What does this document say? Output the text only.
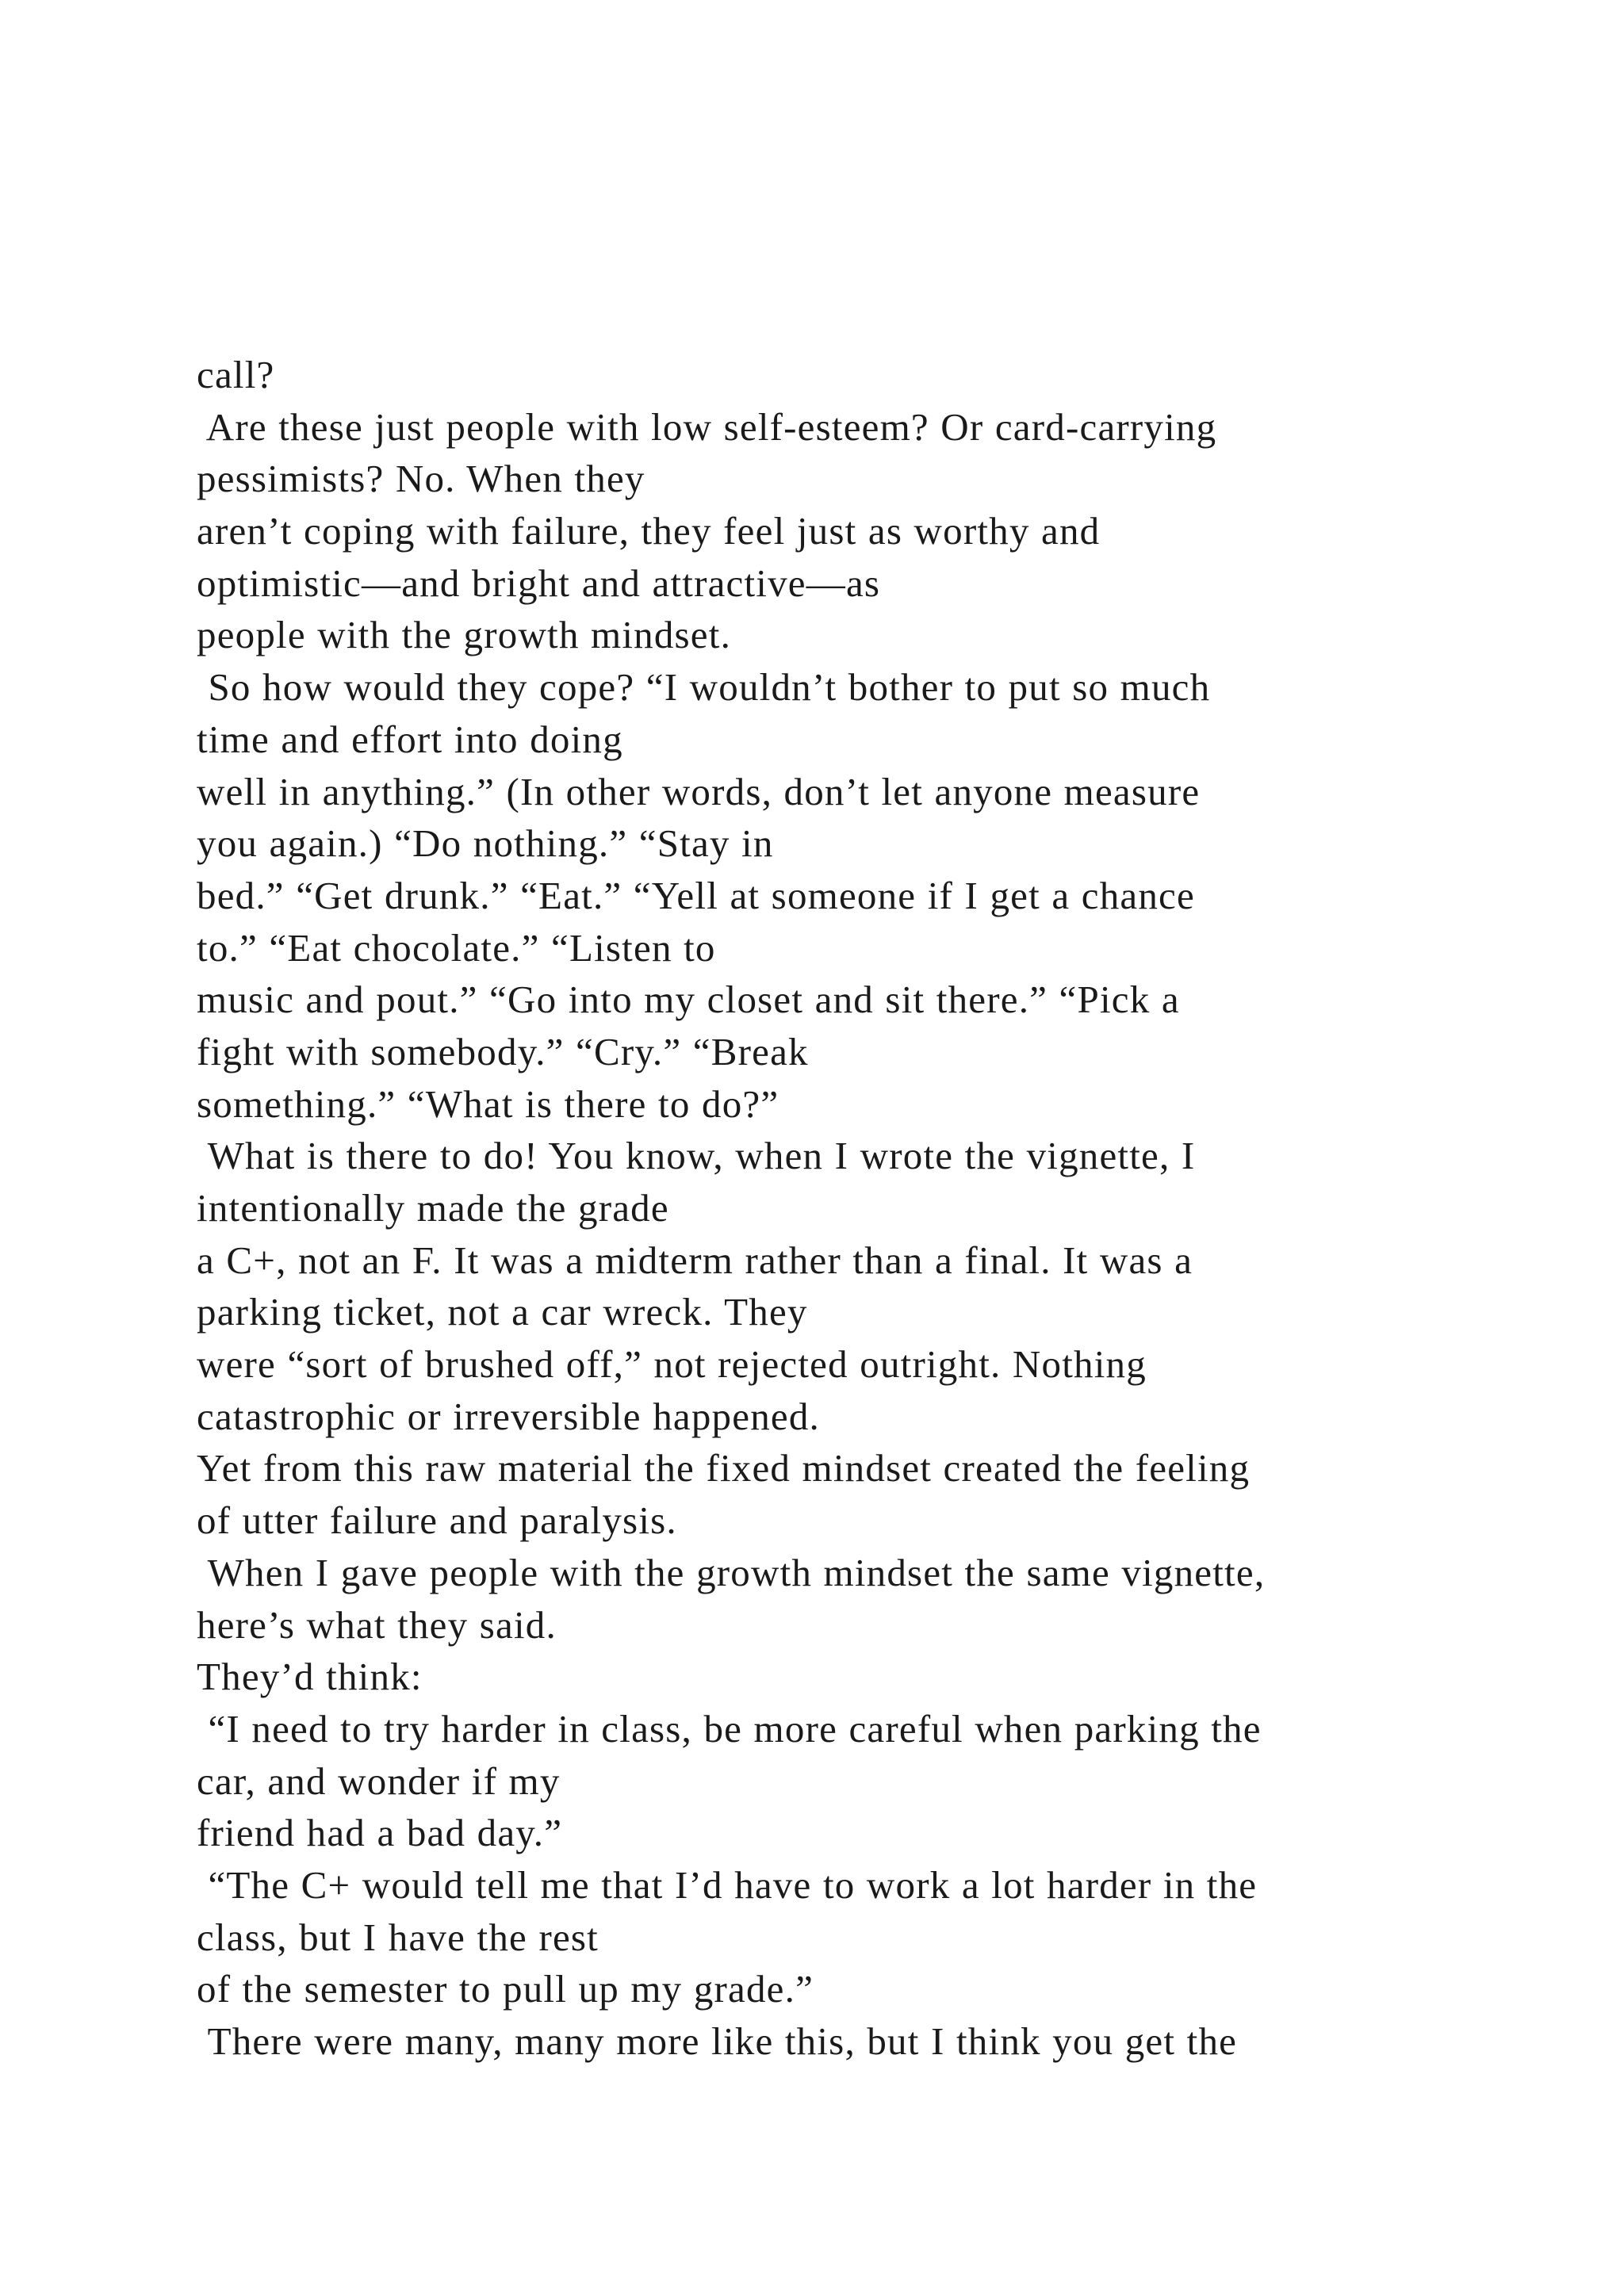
call?
Are these just people with low self-esteem? Or card-carrying
pessimists? No. When they
aren’t coping with failure, they feel just as worthy and
optimistic—and bright and attractive—as
people with the growth mindset.
So how would they cope? “I wouldn’t bother to put so much
time and effort into doing
well in anything.” (In other words, don’t let anyone measure
you again.) “Do nothing.” “Stay in
bed.” “Get drunk.” “Eat.” “Yell at someone if I get a chance
to.” “Eat chocolate.” “Listen to
music and pout.” “Go into my closet and sit there.” “Pick a
fight with somebody.” “Cry.” “Break
something.” “What is there to do?”
What is there to do! You know, when I wrote the vignette, I
intentionally made the grade
a C+, not an F. It was a midterm rather than a final. It was a
parking ticket, not a car wreck. They
were “sort of brushed off,” not rejected outright. Nothing
catastrophic or irreversible happened.
Yet from this raw material the fixed mindset created the feeling
of utter failure and paralysis.
When I gave people with the growth mindset the same vignette,
here’s what they said.
They’d think:
“I need to try harder in class, be more careful when parking the
car, and wonder if my
friend had a bad day.”
“The C+ would tell me that I’d have to work a lot harder in the
class, but I have the rest
of the semester to pull up my grade.”
There were many, many more like this, but I think you get the
